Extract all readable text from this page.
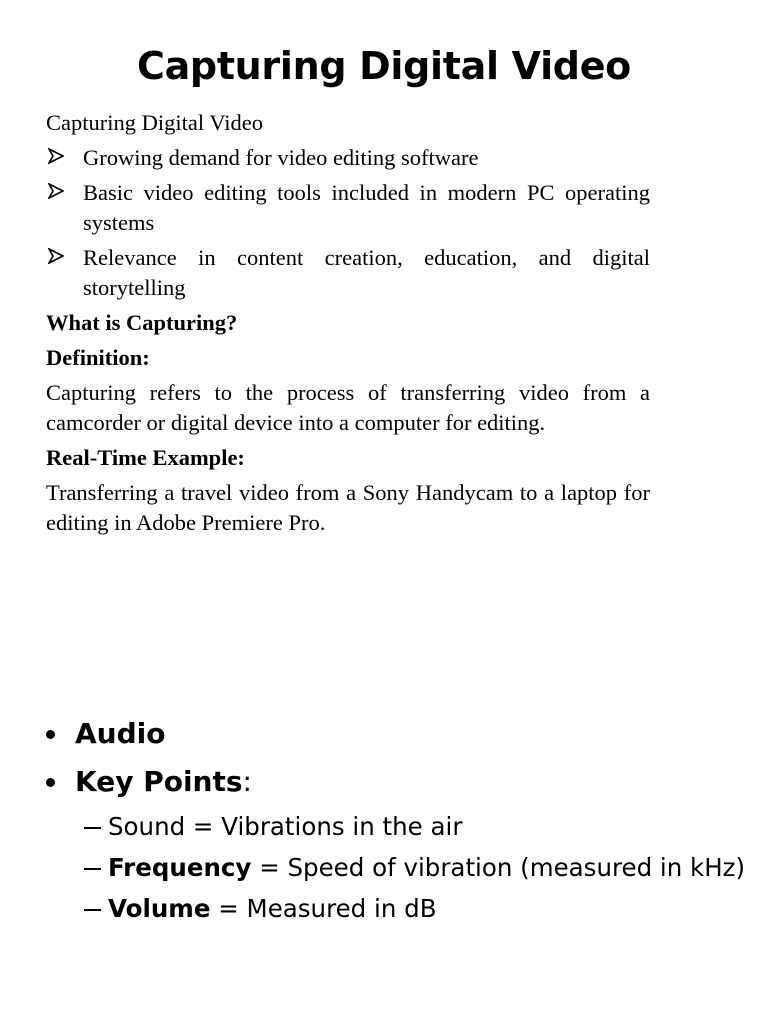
Capturing Digital Video

Capturing Digital Video

Growing demand for video editing software
Basic video editing tools included in modern PC operating systems
Relevance in content creation, education, and digital storytelling

What is Capturing?

Definition:

Capturing refers to the process of transferring video from a camcorder or digital device into a computer for editing.

Real-Time Example:

Transferring a travel video from a Sony Handycam to a laptop for editing in Adobe Premiere Pro.

Audio
Key Points:
Sound = Vibrations in the air
Frequency = Speed of vibration (measured in kHz)
Volume = Measured in dB
